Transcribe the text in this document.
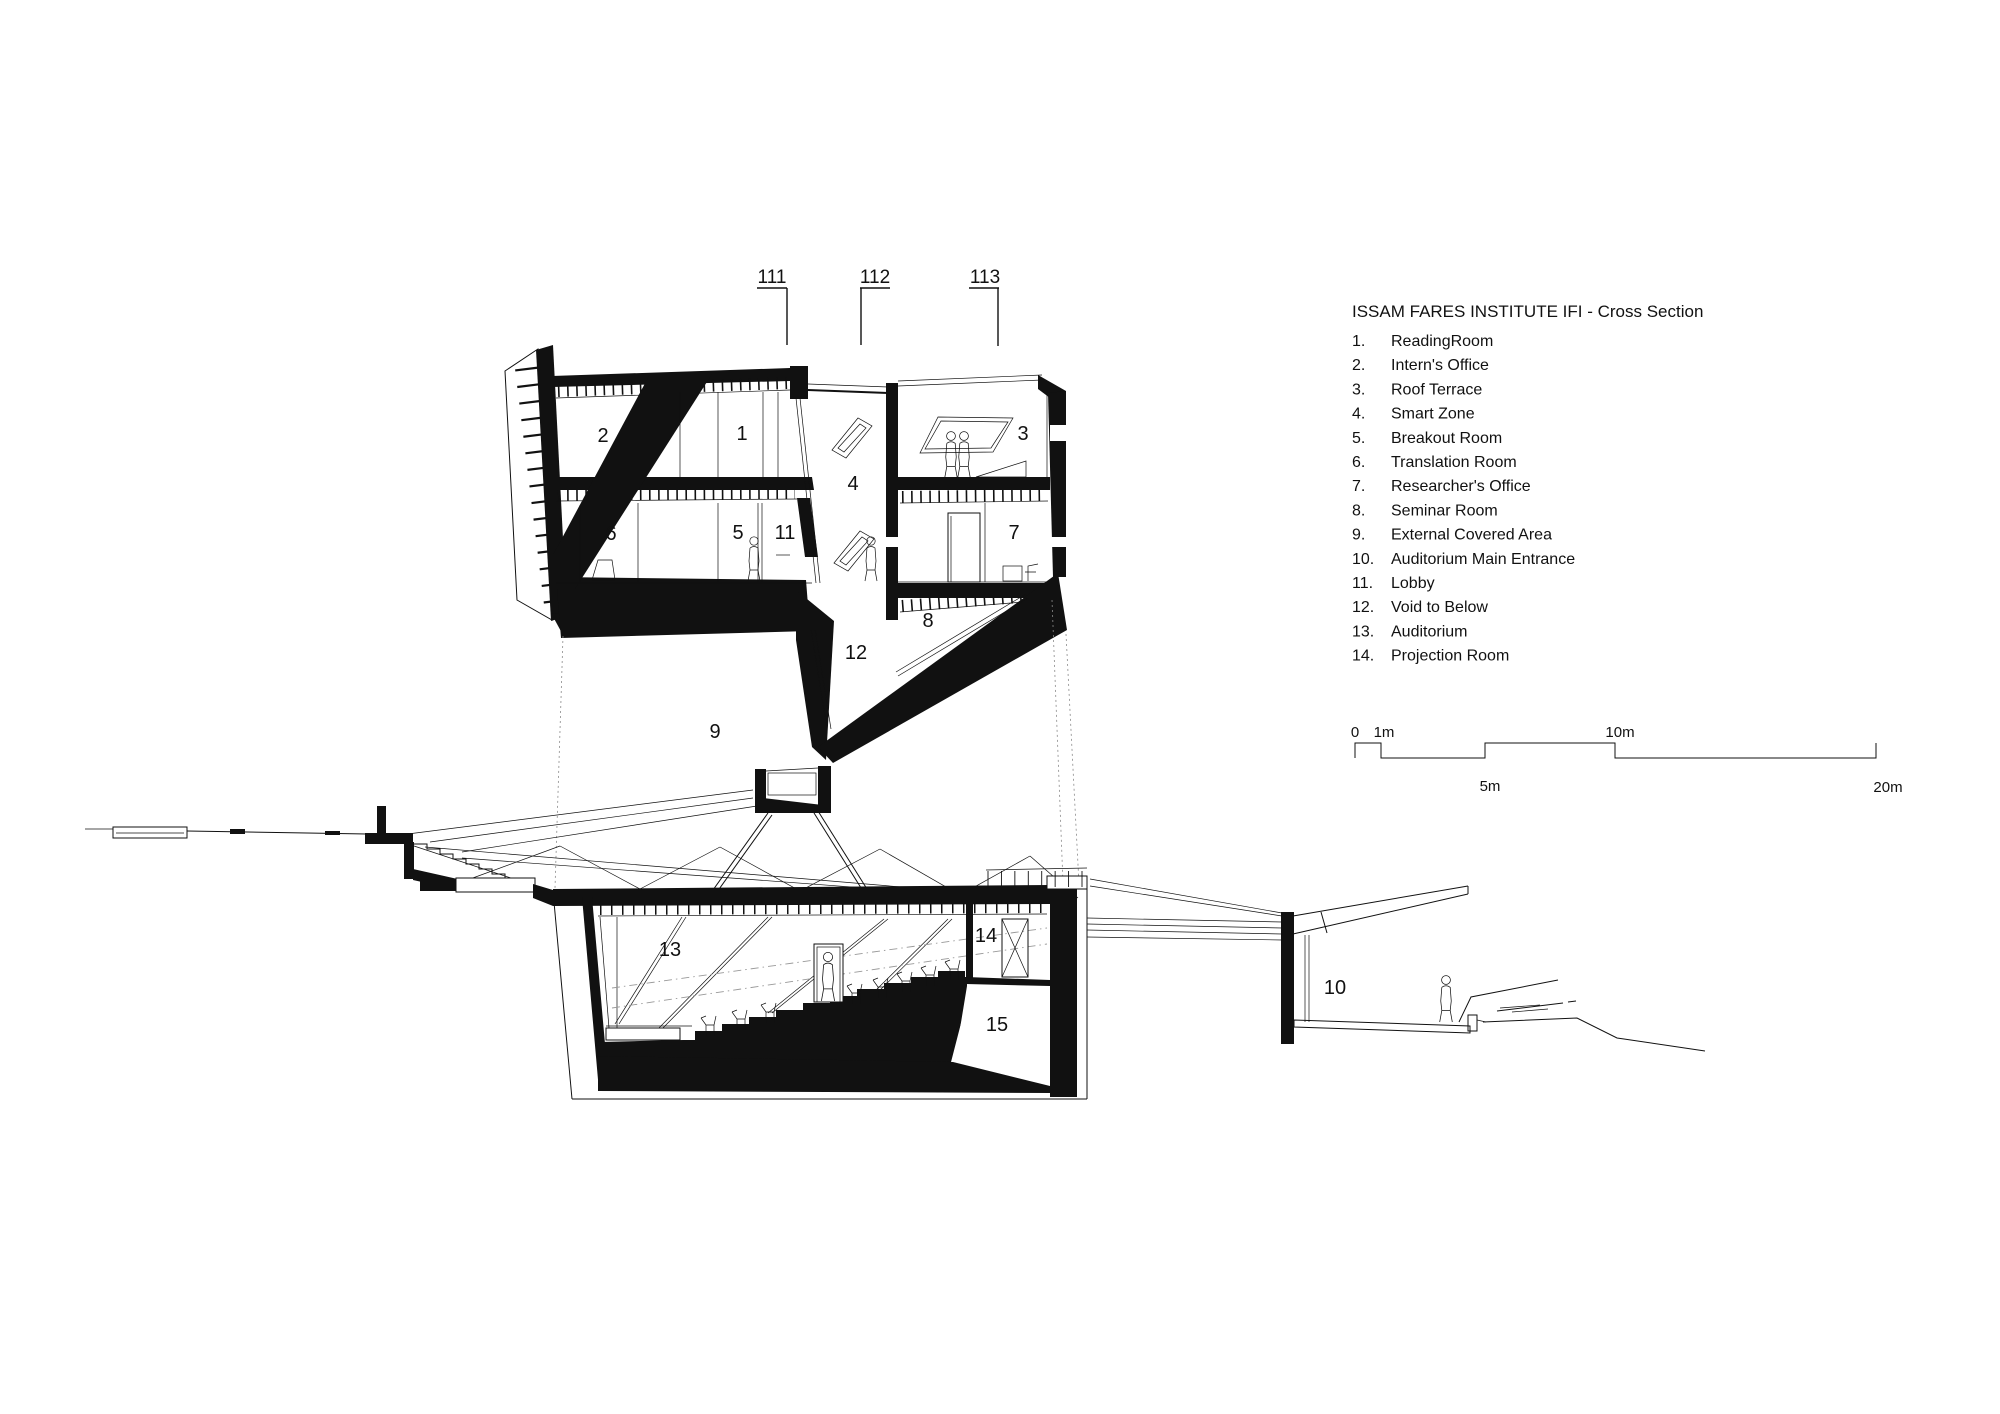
111	112	113
2	1	3
4
6	5 11	7
8
12
9
13
14
15
10
ISSAM FARES INSTITUTE IFI - Cross Section
1. ReadingRoom
2. Intern's Office
3. Roof Terrace
4. Smart Zone
5. Breakout Room
6. Translation Room
7. Researcher's Office
8. Seminar Room
9. External Covered Area
10. Auditorium Main Entrance
11. Lobby
12. Void to Below
13. Auditorium
14. Projection Room
0 1m	10m
5m	20m
